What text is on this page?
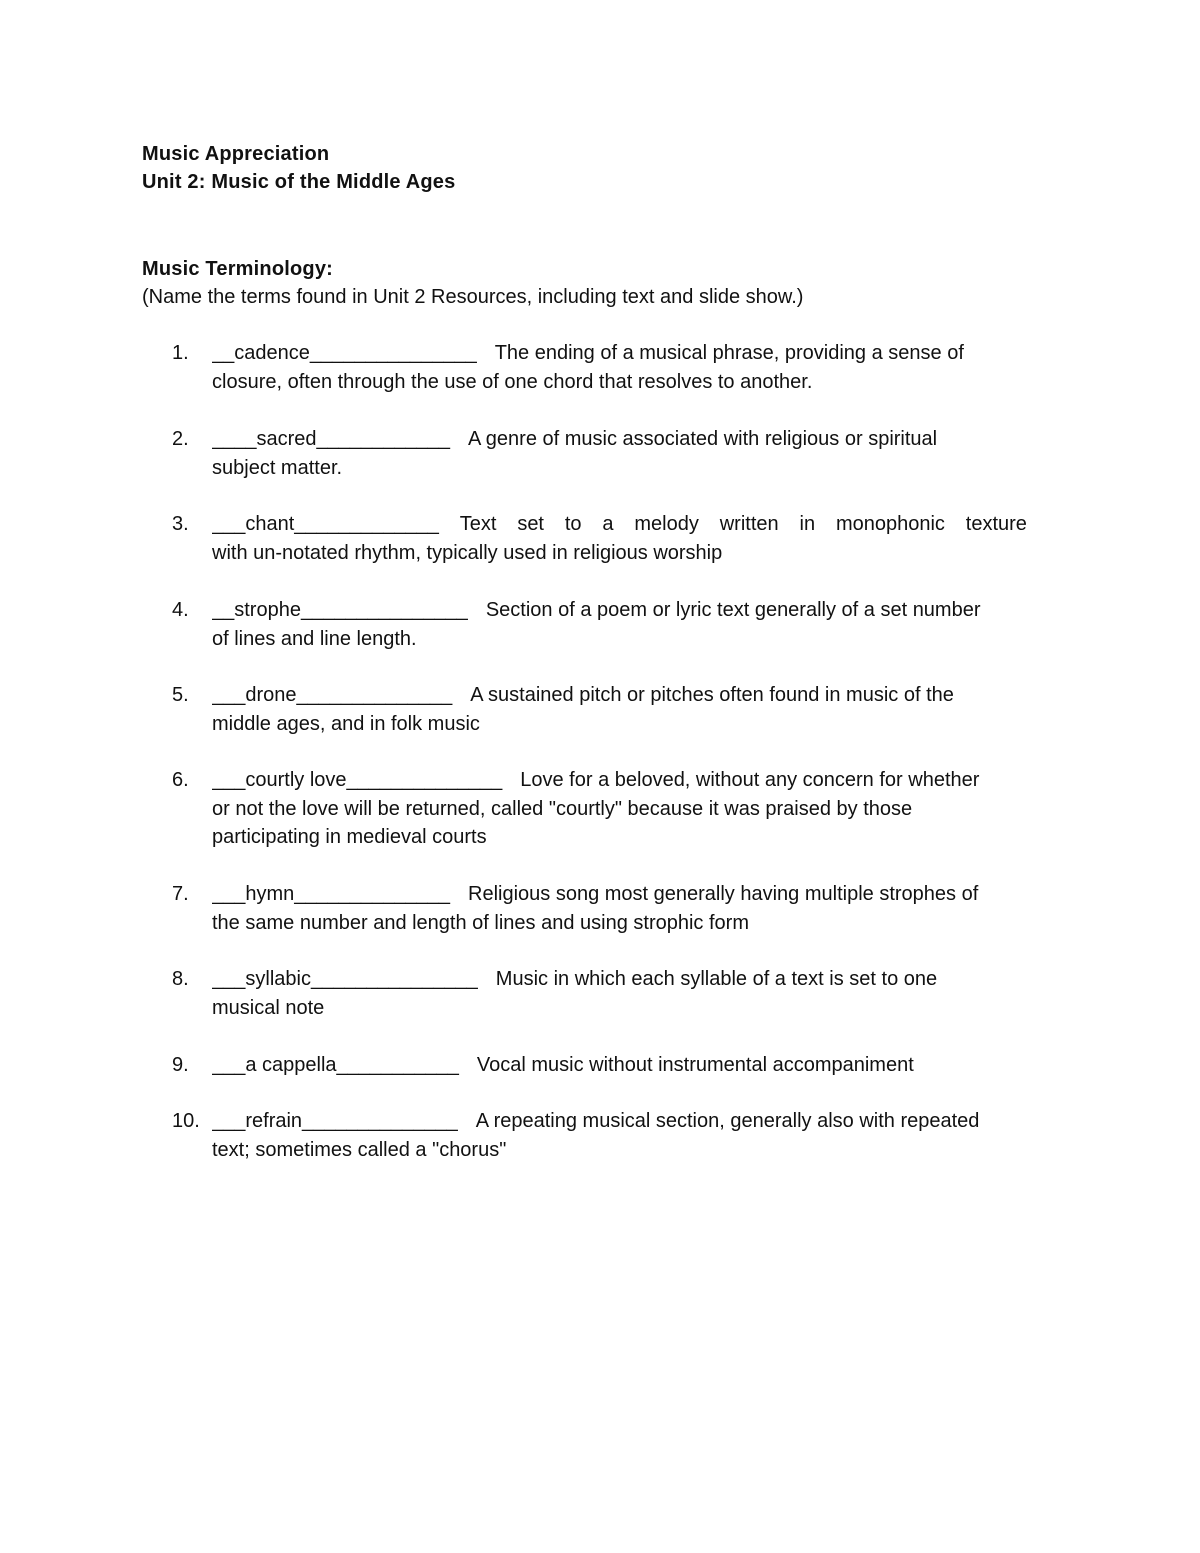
Music Appreciation
Unit 2: Music of the Middle Ages
Music Terminology:
(Name the terms found in Unit 2 Resources, including text and slide show.)
1.	__cadence_______________ The ending of a musical phrase, providing a sense of
closure, often through the use of one chord that resolves to another.
2.	____sacred____________ A genre of music associated with religious or spiritual
subject matter.
3.	___chant_____________ Text set to a melody written in monophonic texture
with un-notated rhythm, typically used in religious worship
4.	__strophe_______________ Section of a poem or lyric text generally of a set number
of lines and line length.
5.	___drone______________ A sustained pitch or pitches often found in music of the
middle ages, and in folk music
6.	___courtly love______________ Love for a beloved, without any concern for whether
or not the love will be returned, called "courtly" because it was praised by those
participating in medieval courts
7.	___hymn______________ Religious song most generally having multiple strophes of
the same number and length of lines and using strophic form
8.	___syllabic_______________ Music in which each syllable of a text is set to one
musical note
9.	___a cappella___________ Vocal music without instrumental accompaniment
10. ___refrain______________ A repeating musical section, generally also with repeated
text; sometimes called a "chorus"
